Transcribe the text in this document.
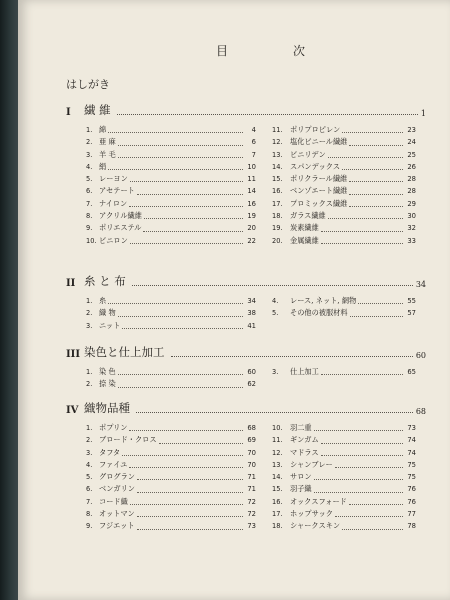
目	次
はしがき
I	繊 維	1
1. 綿	4
2. 亜 麻	6
3. 羊 毛	7
4. 絹	10
5. レーヨン	11
6. アセテート	14
7. ナイロン	16
8. アクリル繊維	19
9. ポリエステル	20
10. ビニロン	22
11.	ポリプロピレン	23
12.	塩化ビニール繊維	24
13.	ビニリデン	25
14.	スパンデックス	26
15.	ポリクラール繊維	28
16.	ベンゾエート繊維	28
17.	プロミックス繊維	29
18.	ガラス繊維	30
19.	炭素繊維	32
20.	金属繊維	33
II 糸 と 布	34
1. 糸	34
2. 織 物	38
3. ニット	41
4.	レース, ネット, 網物	55
5.	その他の被服材料	57
III 染色と仕上加工	60
1. 染 色	60
2. 捺 染	62
3.	仕上加工	65
IV 織物品種	68
1. ポプリン	68
2. ブロード・クロス	69
3. タフタ	70
4. ファイユ	70
5. グログラン	71
6. ベンガリン	71
7. コード織	72
8. オットマン	72
9. フジエット	73
10.	羽二重	73
11.	ギンガム	74
12.	マドラス	74
13.	シャンブレー	75
14.	サロン	75
15.	羽子織	76
16.	オックスフォード	76
17.	ホップサック	77
18.	シャークスキン	78
